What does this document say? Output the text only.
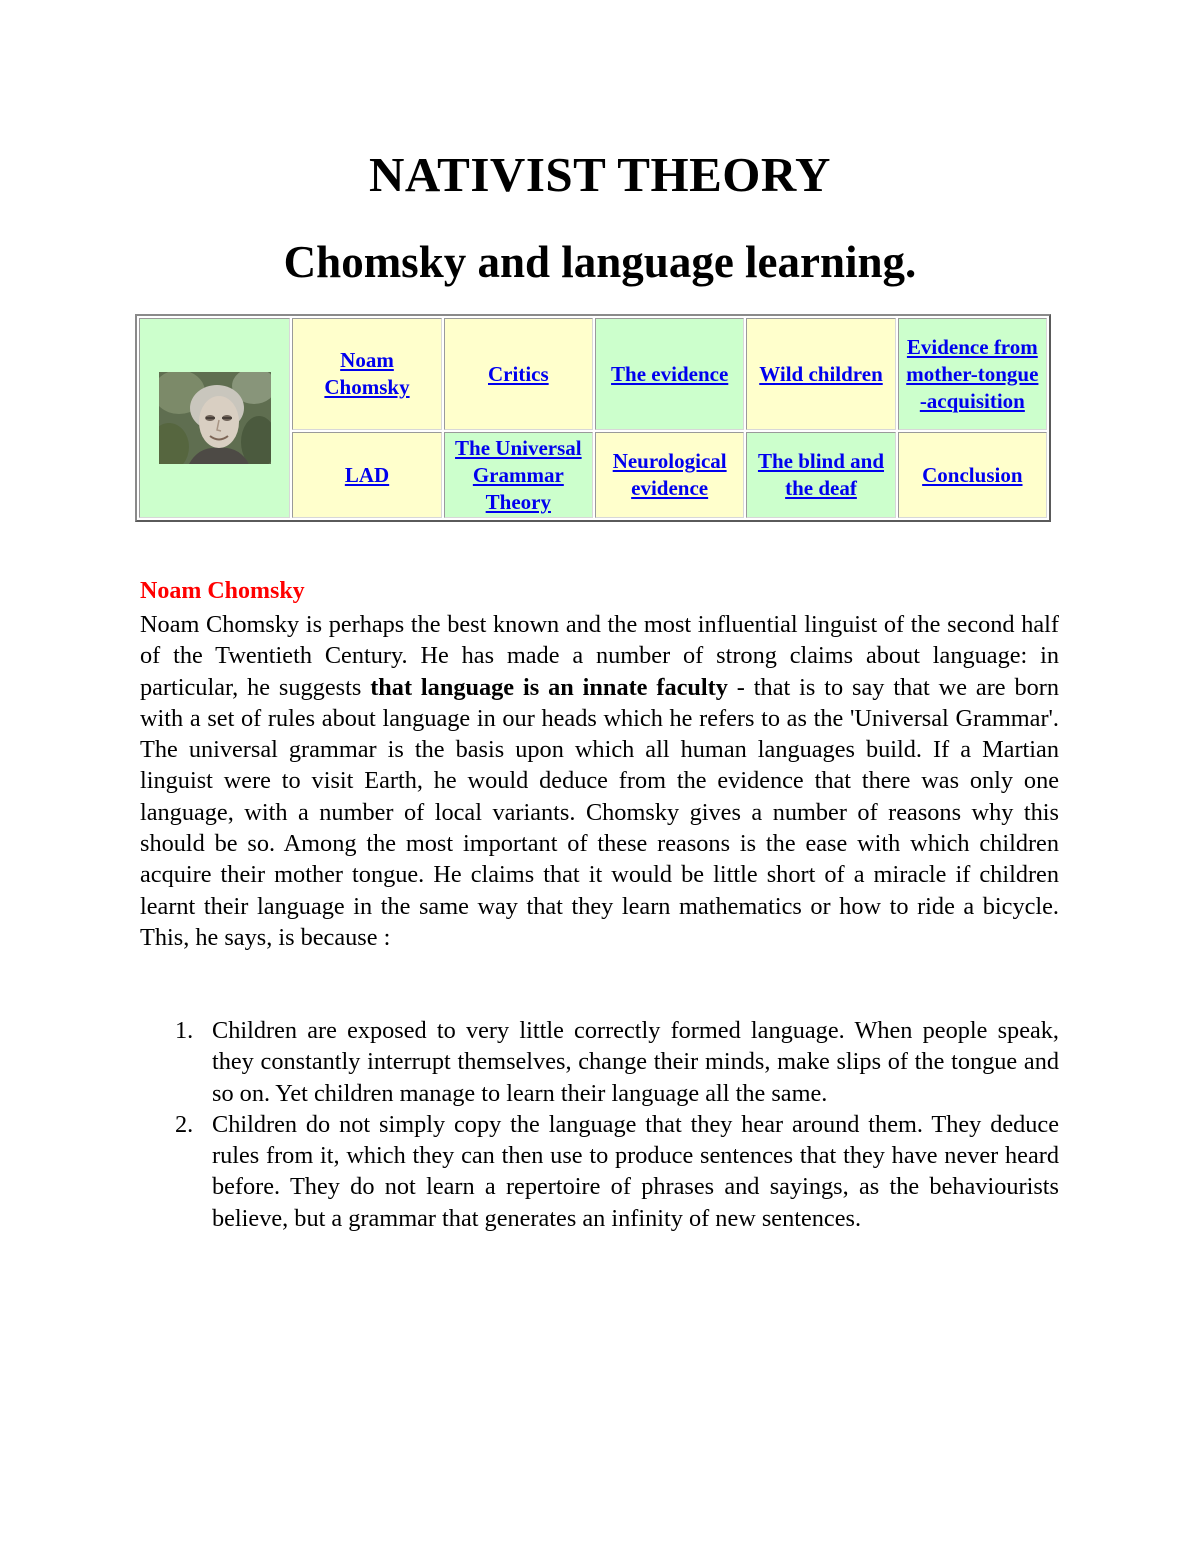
NATIVIST THEORY
Chomsky and language learning.
	Noam Chomsky	Critics	The evidence	Wild children	Evidence from mother-tongue -acquisition
	LAD	The Universal Grammar Theory	Neurological evidence	The blind and the deaf	Conclusion
Noam Chomsky

Noam Chomsky is perhaps the best known and the most influential linguist of the second half of the Twentieth Century. He has made a number of strong claims about language: in particular, he suggests that language is an innate faculty - that is to say that we are born with a set of rules about language in our heads which he refers to as the 'Universal Grammar'. The universal grammar is the basis upon which all human languages build. If a Martian linguist were to visit Earth, he would deduce from the evidence that there was only one language, with a number of local variants. Chomsky gives a number of reasons why this should be so. Among the most important of these reasons is the ease with which children acquire their mother tongue. He claims that it would be little short of a miracle if children learnt their language in the same way that they learn mathematics or how to ride a bicycle. This, he says, is because :

1. Children are exposed to very little correctly formed language. When people speak, they constantly interrupt themselves, change their minds, make slips of the tongue and so on. Yet children manage to learn their language all the same.
2. Children do not simply copy the language that they hear around them. They deduce rules from it, which they can then use to produce sentences that they have never heard before. They do not learn a repertoire of phrases and sayings, as the behaviourists believe, but a grammar that generates an infinity of new sentences.
